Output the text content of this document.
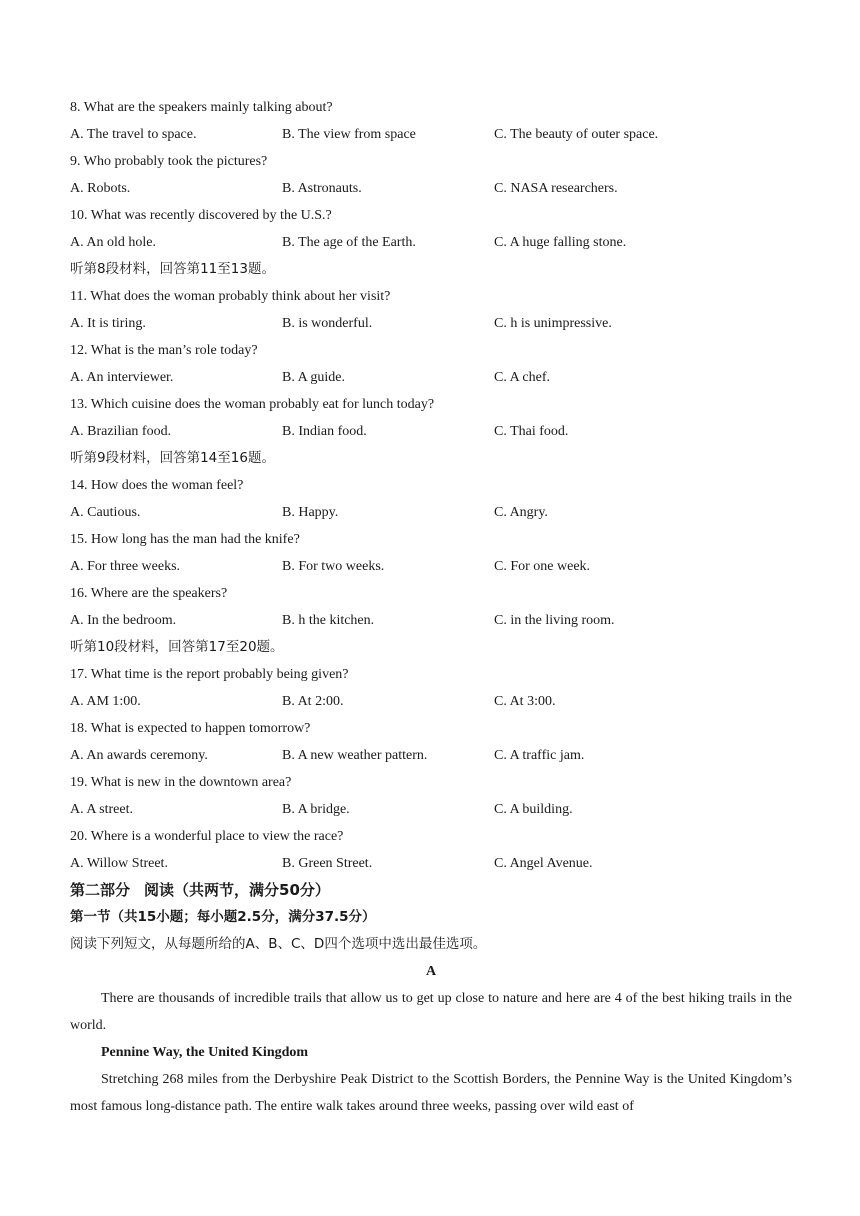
8. What are the speakers mainly talking about?
A. The travel to space.	B. The view from space	C. The beauty of outer space.
9. Who probably took the pictures?
A. Robots.	B. Astronauts.	C. NASA researchers.
10. What was recently discovered by the U.S.?
A. An old hole.	B. The age of the Earth.	C. A huge falling stone.
听第8段材料，回答第11至13题。
11. What does the woman probably think about her visit?
A. It is tiring.	B. is wonderful.	C. h is unimpressive.
12. What is the man’s role today?
A. An interviewer.	B. A guide.	C. A chef.
13. Which cuisine does the woman probably eat for lunch today?
A. Brazilian food.	B. Indian food.	C. Thai food.
听第9段材料，回答第14至16题。
14. How does the woman feel?
A. Cautious.	B. Happy.	C. Angry.
15. How long has the man had the knife?
A. For three weeks.	B. For two weeks.	C. For one week.
16. Where are the speakers?
A. In the bedroom.	B. h the kitchen.	C. in the living room.
听第10段材料，回答第17至20题。
17. What time is the report probably being given?
A. AM 1:00.	B. At 2:00.	C. At 3:00.
18. What is expected to happen tomorrow?
A. An awards ceremony.	B. A new weather pattern.	C. A traffic jam.
19. What is new in the downtown area?
A. A street.	B. A bridge.	C. A building.
20. Where is a wonderful place to view the race?
A. Willow Street.	B. Green Street.	C. Angel Avenue.
第二部分 阅读（共两节，满分50分）
第一节（共15小题；每小题2.5分，满分37.5分）
阅读下列短文，从每题所给的A、B、C、D四个选项中选出最佳选项。
A
There are thousands of incredible trails that allow us to get up close to nature and here are 4 of the best hiking trails in the world.
Pennine Way, the United Kingdom
Stretching 268 miles from the Derbyshire Peak District to the Scottish Borders, the Pennine Way is the United Kingdom’s most famous long-distance path. The entire walk takes around three weeks, passing over wild east of
